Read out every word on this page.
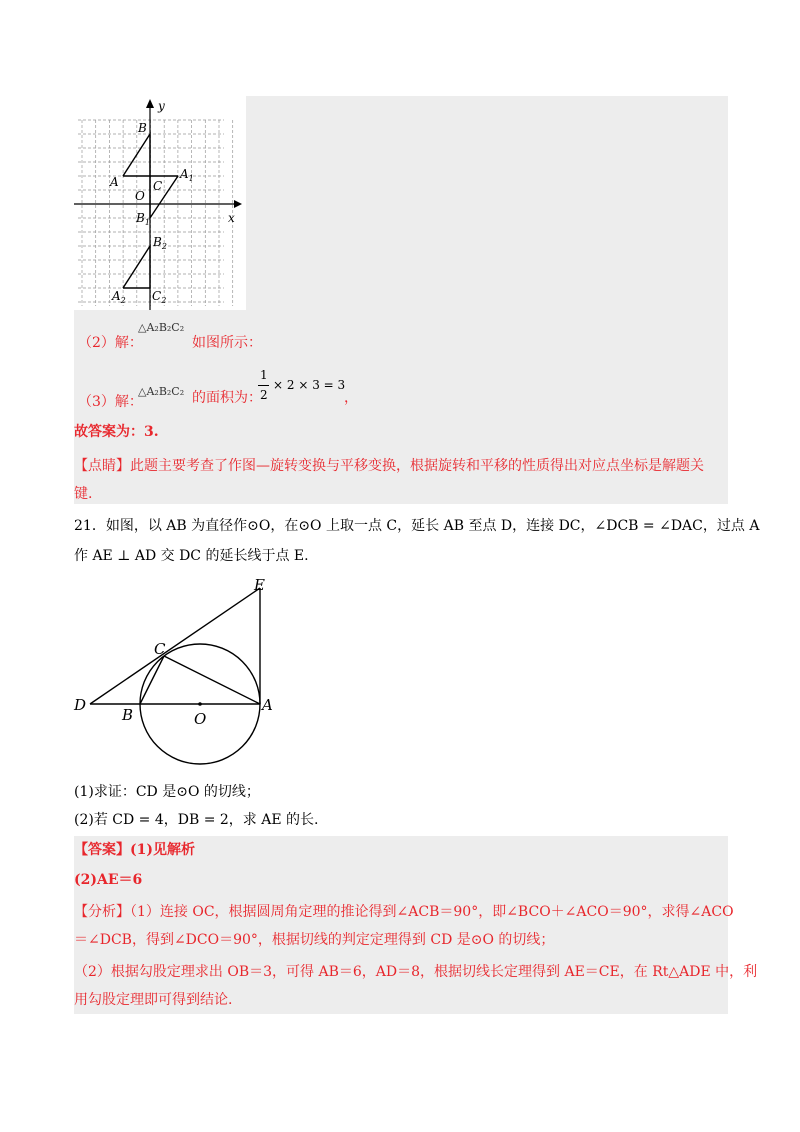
y
x
O
B
A	C
$A_1$
$B_1$
$B_2$
$A_2$ $C_2$
（2）解：
△A₂B₂C₂
如图所示：
（3）解：
△A₂B₂C₂ 的面积为：
1
2
× 2 × 3 = 3
，
故答案为：3.
【点睛】此题主要考查了作图—旋转变换与平移变换，根据旋转和平移的性质得出对应点坐标是解题关
键.
21．如图，以 AB 为直径作⊙O，在⊙O 上取一点 C，延长 AB 至点 D，连接 DC，∠DCB = ∠DAC，过点 A
作 AE ⊥ AD 交 DC 的延长线于点 E.
E
C
D
B	O
A
(1)求证：CD 是⊙O 的切线；
(2)若 CD = 4，DB = 2，求 AE 的长.
【答案】(1)见解析
(2)AE＝6
【分析】（1）连接 OC，根据圆周角定理的推论得到∠ACB＝90°，即∠BCO＋∠ACO＝90°，求得∠ACO
＝∠DCB，得到∠DCO＝90°，根据切线的判定定理得到 CD 是⊙O 的切线；
（2）根据勾股定理求出 OB＝3，可得 AB＝6，AD＝8，根据切线长定理得到 AE＝CE，在 Rt△ADE 中，利
用勾股定理即可得到结论.
